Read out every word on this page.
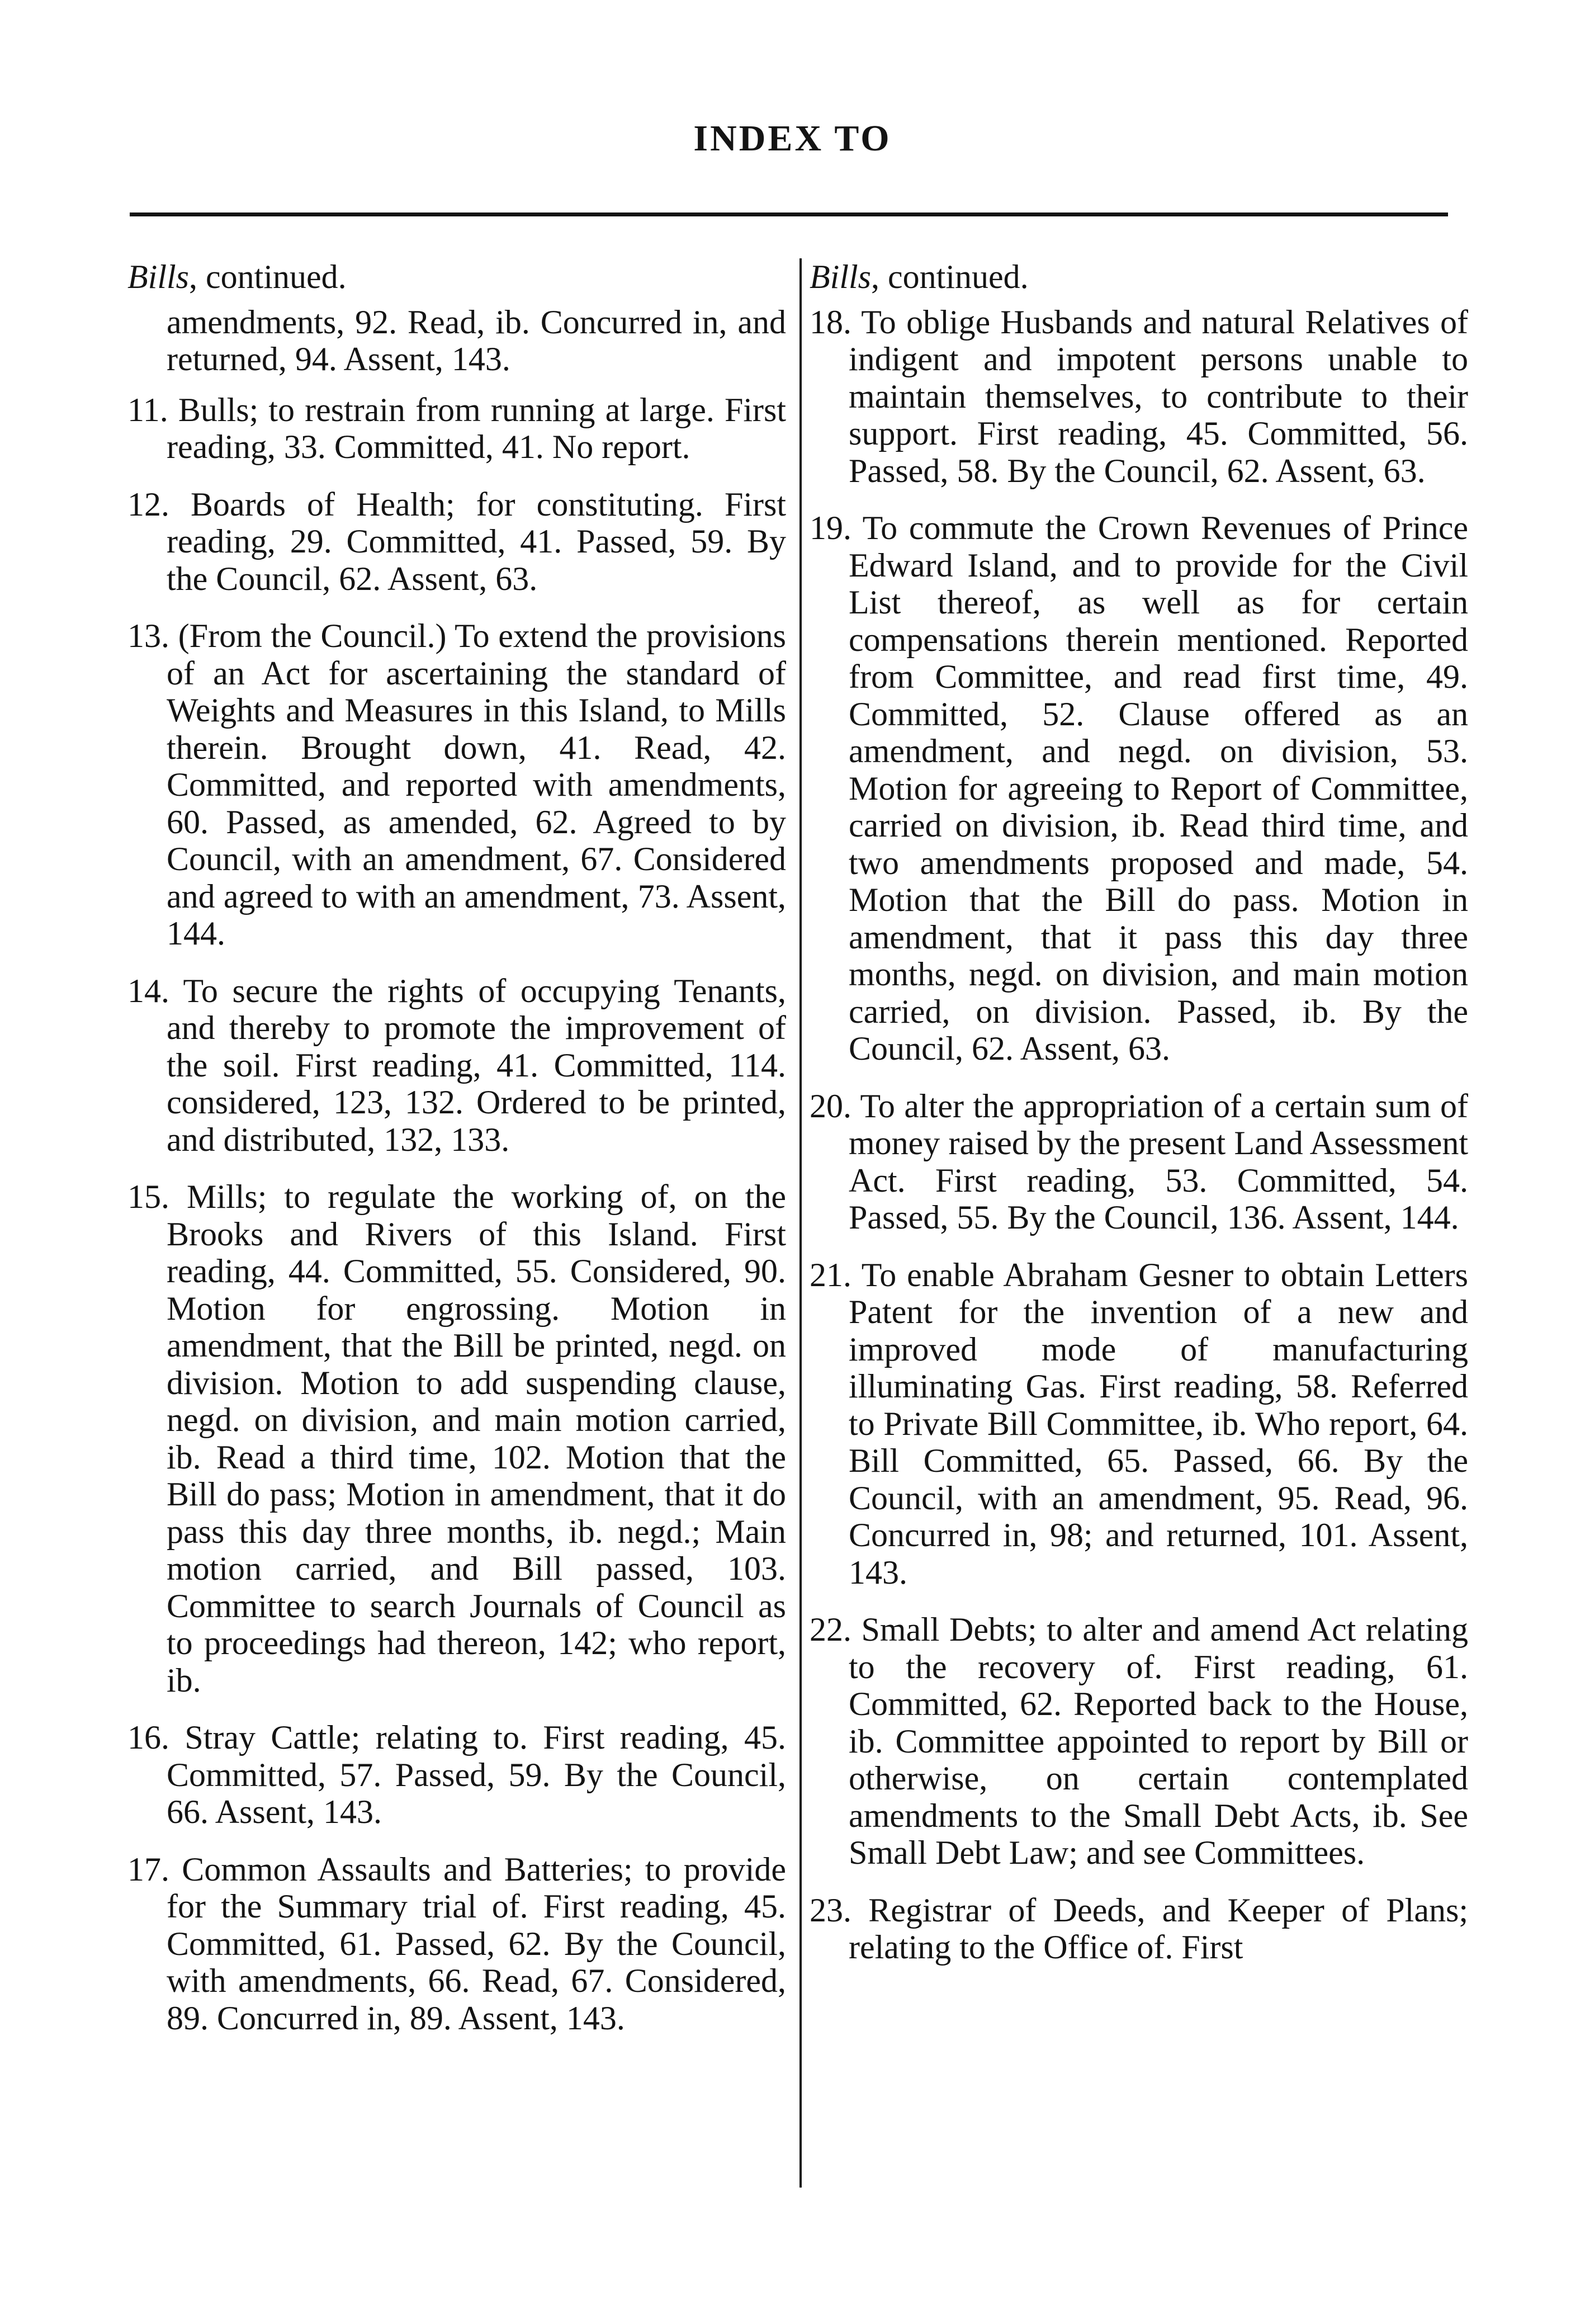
INDEX TO
Bills, continued.
amendments, 92. Read, ib. Concurred in, and returned, 94. Assent, 143.
11. Bulls; to restrain from running at large. First reading, 33. Committed, 41. No report.
12. Boards of Health; for constituting. First reading, 29. Committed, 41. Passed, 59. By the Council, 62. Assent, 63.
13. (From the Council.) To extend the provisions of an Act for ascertaining the standard of Weights and Measures in this Island, to Mills therein. Brought down, 41. Read, 42. Committed, and reported with amendments, 60. Passed, as amended, 62. Agreed to by Council, with an amendment, 67. Considered and agreed to with an amendment, 73. Assent, 144.
14. To secure the rights of occupying Tenants, and thereby to promote the improvement of the soil. First reading, 41. Committed, 114. considered, 123, 132. Ordered to be printed, and distributed, 132, 133.
15. Mills; to regulate the working of, on the Brooks and Rivers of this Island. First reading, 44. Committed, 55. Considered, 90. Motion for engrossing. Motion in amendment, that the Bill be printed, negd. on division. Motion to add suspending clause, negd. on division, and main motion carried, ib. Read a third time, 102. Motion that the Bill do pass; Motion in amendment, that it do pass this day three months, ib. negd.; Main motion carried, and Bill passed, 103. Committee to search Journals of Council as to proceedings had thereon, 142; who report, ib.
16. Stray Cattle; relating to. First reading, 45. Committed, 57. Passed, 59. By the Council, 66. Assent, 143.
17. Common Assaults and Batteries; to provide for the Summary trial of. First reading, 45. Committed, 61. Passed, 62. By the Council, with amendments, 66. Read, 67. Considered, 89. Concurred in, 89. Assent, 143.
Bills, continued.
18. To oblige Husbands and natural Relatives of indigent and impotent persons unable to maintain themselves, to contribute to their support. First reading, 45. Committed, 56. Passed, 58. By the Council, 62. Assent, 63.
19. To commute the Crown Revenues of Prince Edward Island, and to provide for the Civil List thereof, as well as for certain compensations therein mentioned. Reported from Committee, and read first time, 49. Committed, 52. Clause offered as an amendment, and negd. on division, 53. Motion for agreeing to Report of Committee, carried on division, ib. Read third time, and two amendments proposed and made, 54. Motion that the Bill do pass. Motion in amendment, that it pass this day three months, negd. on division, and main motion carried, on division. Passed, ib. By the Council, 62. Assent, 63.
20. To alter the appropriation of a certain sum of money raised by the present Land Assessment Act. First reading, 53. Committed, 54. Passed, 55. By the Council, 136. Assent, 144.
21. To enable Abraham Gesner to obtain Letters Patent for the invention of a new and improved mode of manufacturing illuminating Gas. First reading, 58. Referred to Private Bill Committee, ib. Who report, 64. Bill Committed, 65. Passed, 66. By the Council, with an amendment, 95. Read, 96. Concurred in, 98; and returned, 101. Assent, 143.
22. Small Debts; to alter and amend Act relating to the recovery of. First reading, 61. Committed, 62. Reported back to the House, ib. Committee appointed to report by Bill or otherwise, on certain contemplated amendments to the Small Debt Acts, ib. See Small Debt Law; and see Committees.
23. Registrar of Deeds, and Keeper of Plans; relating to the Office of. First
